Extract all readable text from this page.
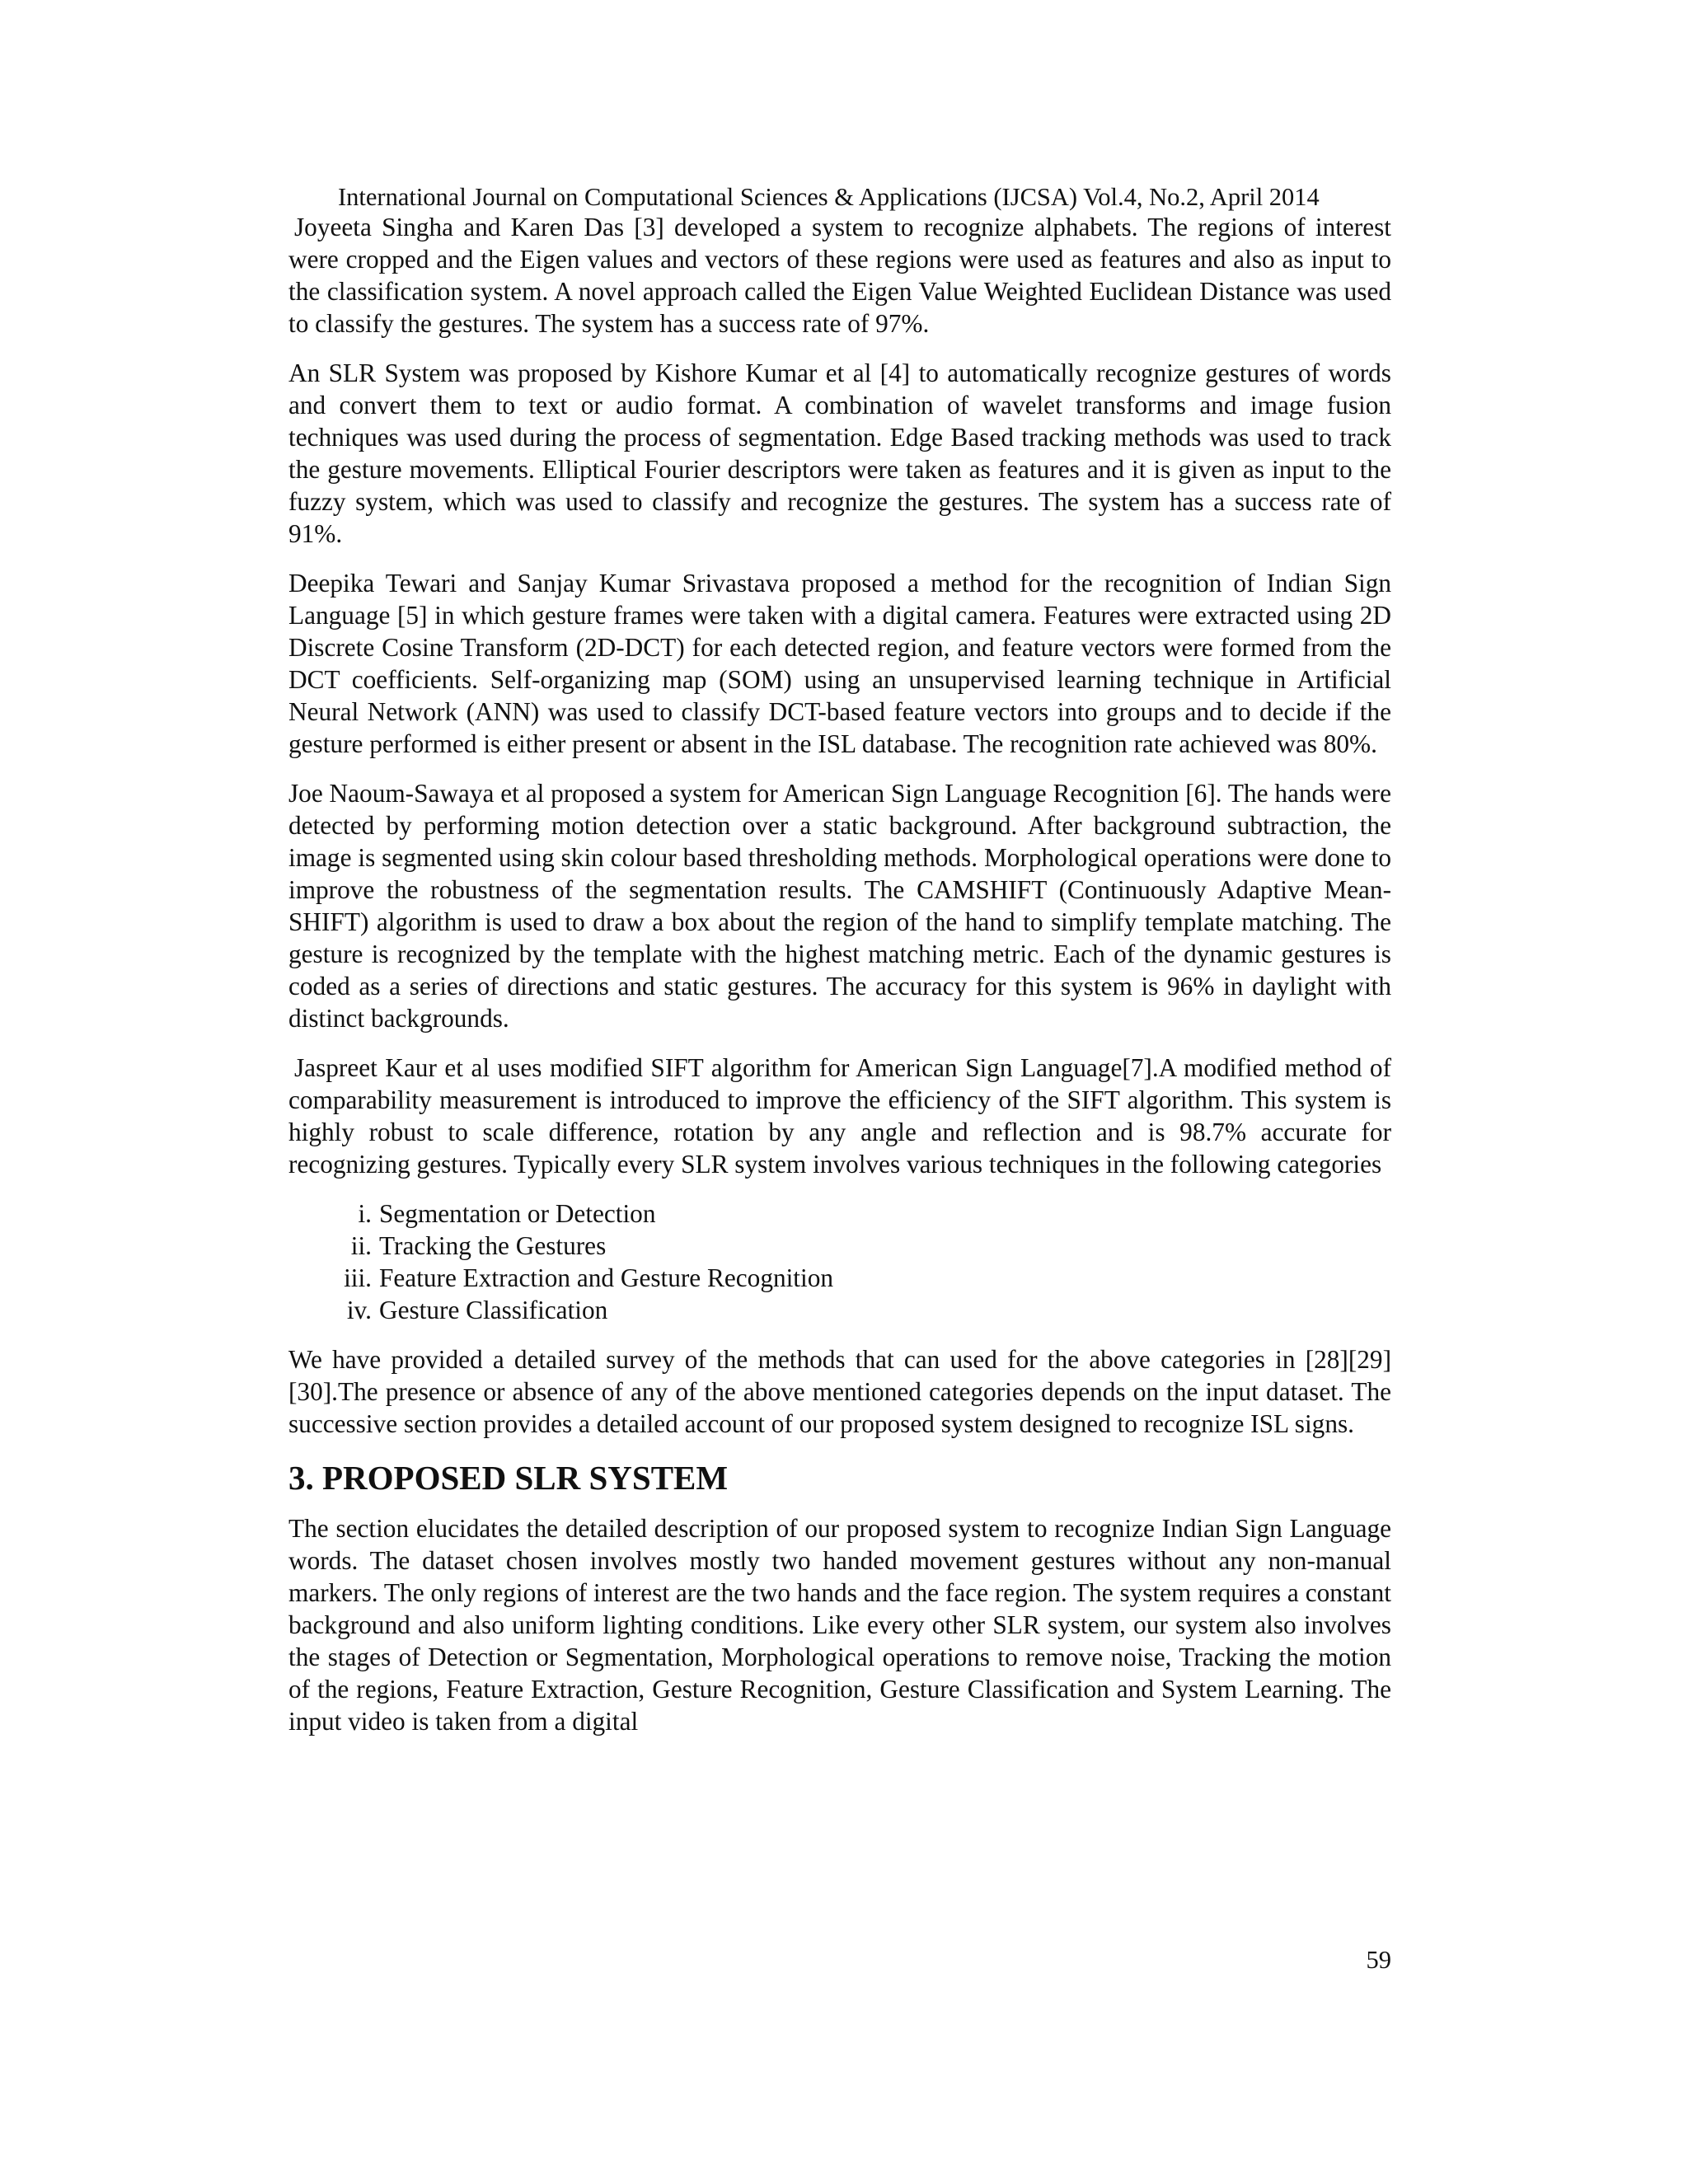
International Journal on Computational Sciences & Applications (IJCSA) Vol.4, No.2, April 2014

Joyeeta Singha and Karen Das [3] developed a system to recognize alphabets. The regions of interest were cropped and the Eigen values and vectors of these regions were used as features and also as input to the classification system. A novel approach called the Eigen Value Weighted Euclidean Distance was used to classify the gestures. The system has a success rate of 97%.

An SLR System was proposed by Kishore Kumar et al [4] to automatically recognize gestures of words and convert them to text or audio format. A combination of wavelet transforms and image fusion techniques was used during the process of segmentation. Edge Based tracking methods was used to track the gesture movements. Elliptical Fourier descriptors were taken as features and it is given as input to the fuzzy system, which was used to classify and recognize the gestures. The system has a success rate of 91%.

Deepika Tewari and Sanjay Kumar Srivastava proposed a method for the recognition of Indian Sign Language [5] in which gesture frames were taken with a digital camera. Features were extracted using 2D Discrete Cosine Transform (2D-DCT) for each detected region, and feature vectors were formed from the DCT coefficients. Self-organizing map (SOM) using an unsupervised learning technique in Artificial Neural Network (ANN) was used to classify DCT-based feature vectors into groups and to decide if the gesture performed is either present or absent in the ISL database. The recognition rate achieved was 80%.

Joe Naoum-Sawaya et al proposed a system for American Sign Language Recognition [6]. The hands were detected by performing motion detection over a static background. After background subtraction, the image is segmented using skin colour based thresholding methods. Morphological operations were done to improve the robustness of the segmentation results. The CAMSHIFT (Continuously Adaptive Mean- SHIFT) algorithm is used to draw a box about the region of the hand to simplify template matching. The gesture is recognized by the template with the highest matching metric. Each of the dynamic gestures is coded as a series of directions and static gestures. The accuracy for this system is 96% in daylight with distinct backgrounds.

Jaspreet Kaur et al uses modified SIFT algorithm for American Sign Language[7].A modified method of comparability measurement is introduced to improve the efficiency of the SIFT algorithm. This system is highly robust to scale difference, rotation by any angle and reflection and is 98.7% accurate for recognizing gestures. Typically every SLR system involves various techniques in the following categories

i. Segmentation or Detection
ii. Tracking the Gestures
iii. Feature Extraction and Gesture Recognition
iv. Gesture Classification

We have provided a detailed survey of the methods that can used for the above categories in [28][29][30].The presence or absence of any of the above mentioned categories depends on the input dataset. The successive section provides a detailed account of our proposed system designed to recognize ISL signs.

3. PROPOSED SLR SYSTEM

The section elucidates the detailed description of our proposed system to recognize Indian Sign Language words. The dataset chosen involves mostly two handed movement gestures without any non-manual markers. The only regions of interest are the two hands and the face region. The system requires a constant background and also uniform lighting conditions. Like every other SLR system, our system also involves the stages of Detection or Segmentation, Morphological operations to remove noise, Tracking the motion of the regions, Feature Extraction, Gesture Recognition, Gesture Classification and System Learning. The input video is taken from a digital

59
